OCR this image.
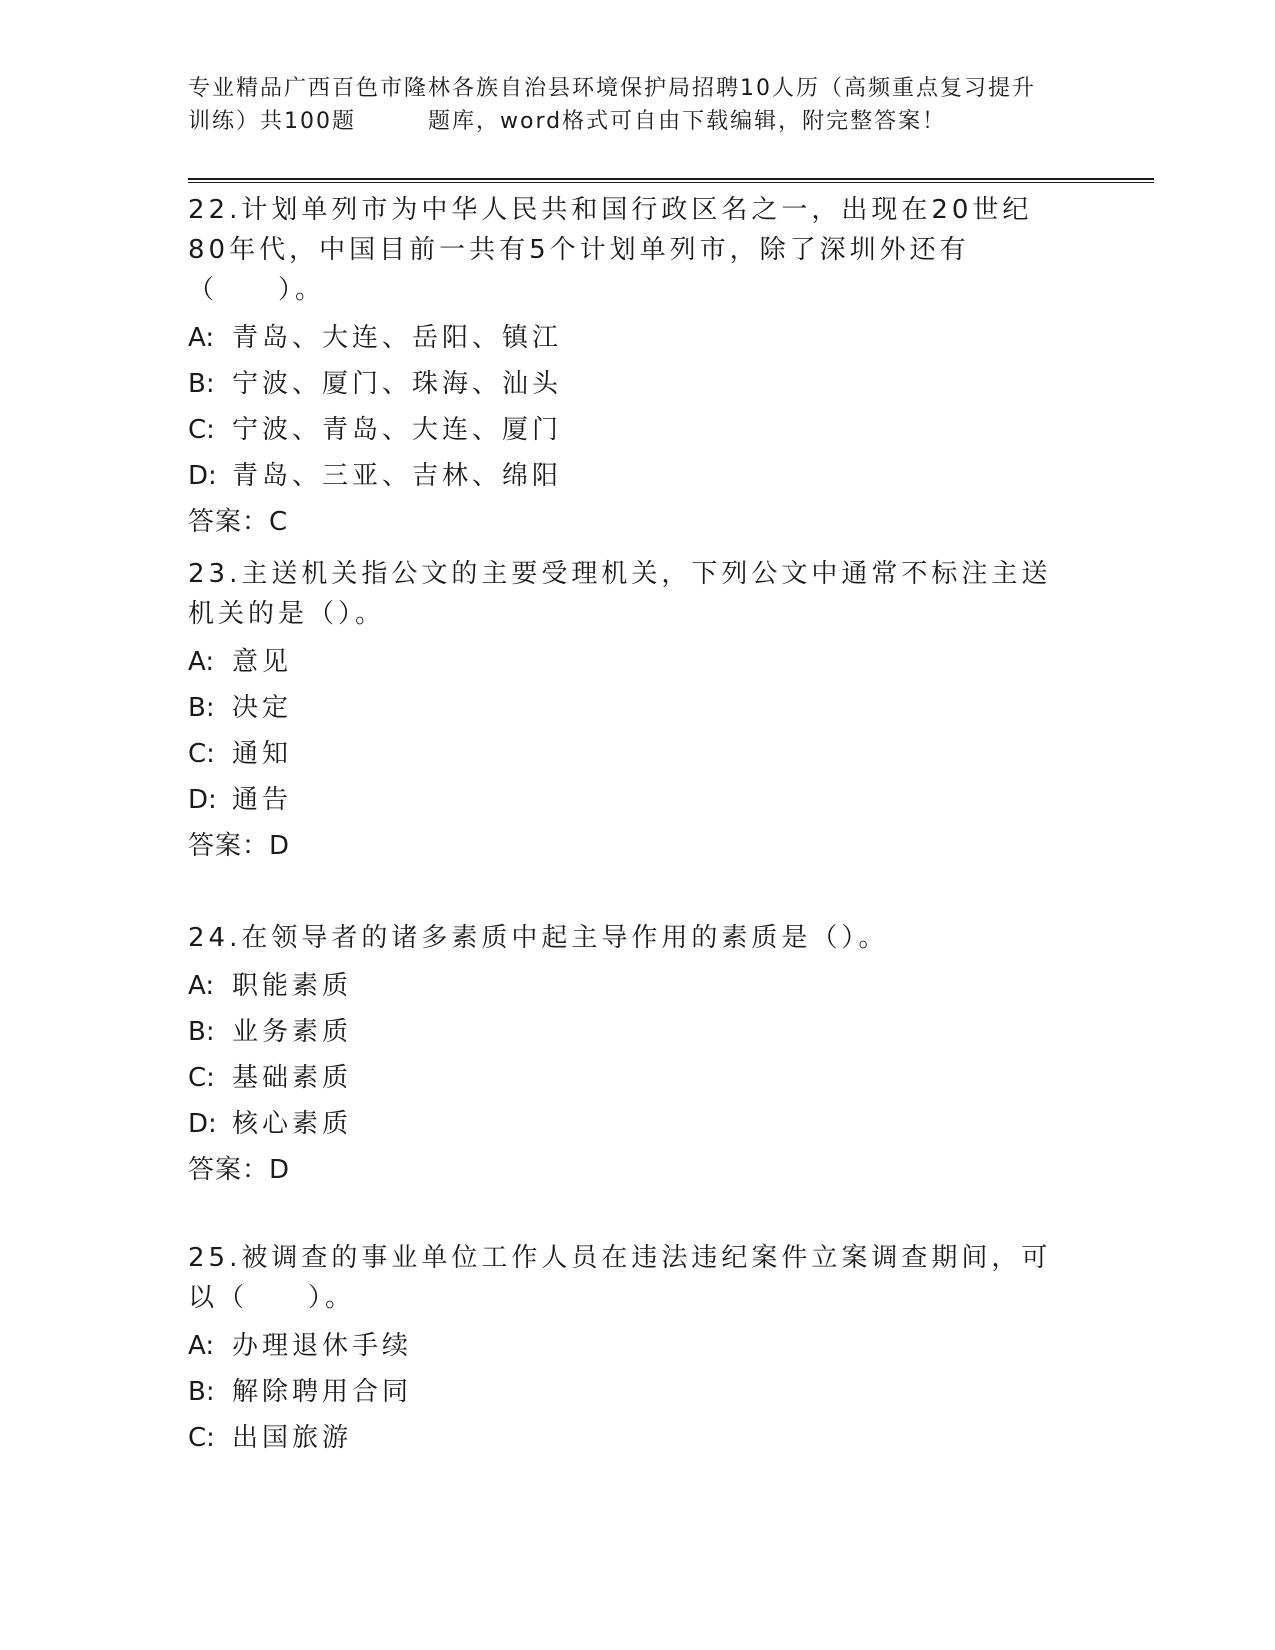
专业精品广西百色市隆林各族自治县环境保护局招聘10人历（高频重点复习提升
训练）共100题	题库，word格式可自由下载编辑，附完整答案！

22.计划单列市为中华人民共和国行政区名之一，出现在20世纪80年代，中国目前一共有5个计划单列市，除了深圳外还有（　　）。

A: 青岛、大连、岳阳、镇江

B: 宁波、厦门、珠海、汕头

C: 宁波、青岛、大连、厦门

D: 青岛、三亚、吉林、绵阳

答案：C

23.主送机关指公文的主要受理机关，下列公文中通常不标注主送机关的是（）。

A: 意见

B: 决定

C: 通知

D: 通告

答案：D

24.在领导者的诸多素质中起主导作用的素质是（）。

A: 职能素质

B: 业务素质

C: 基础素质

D: 核心素质

答案：D

25.被调查的事业单位工作人员在违法违纪案件立案调查期间，可以（　　）。

A: 办理退休手续

B: 解除聘用合同

C: 出国旅游
